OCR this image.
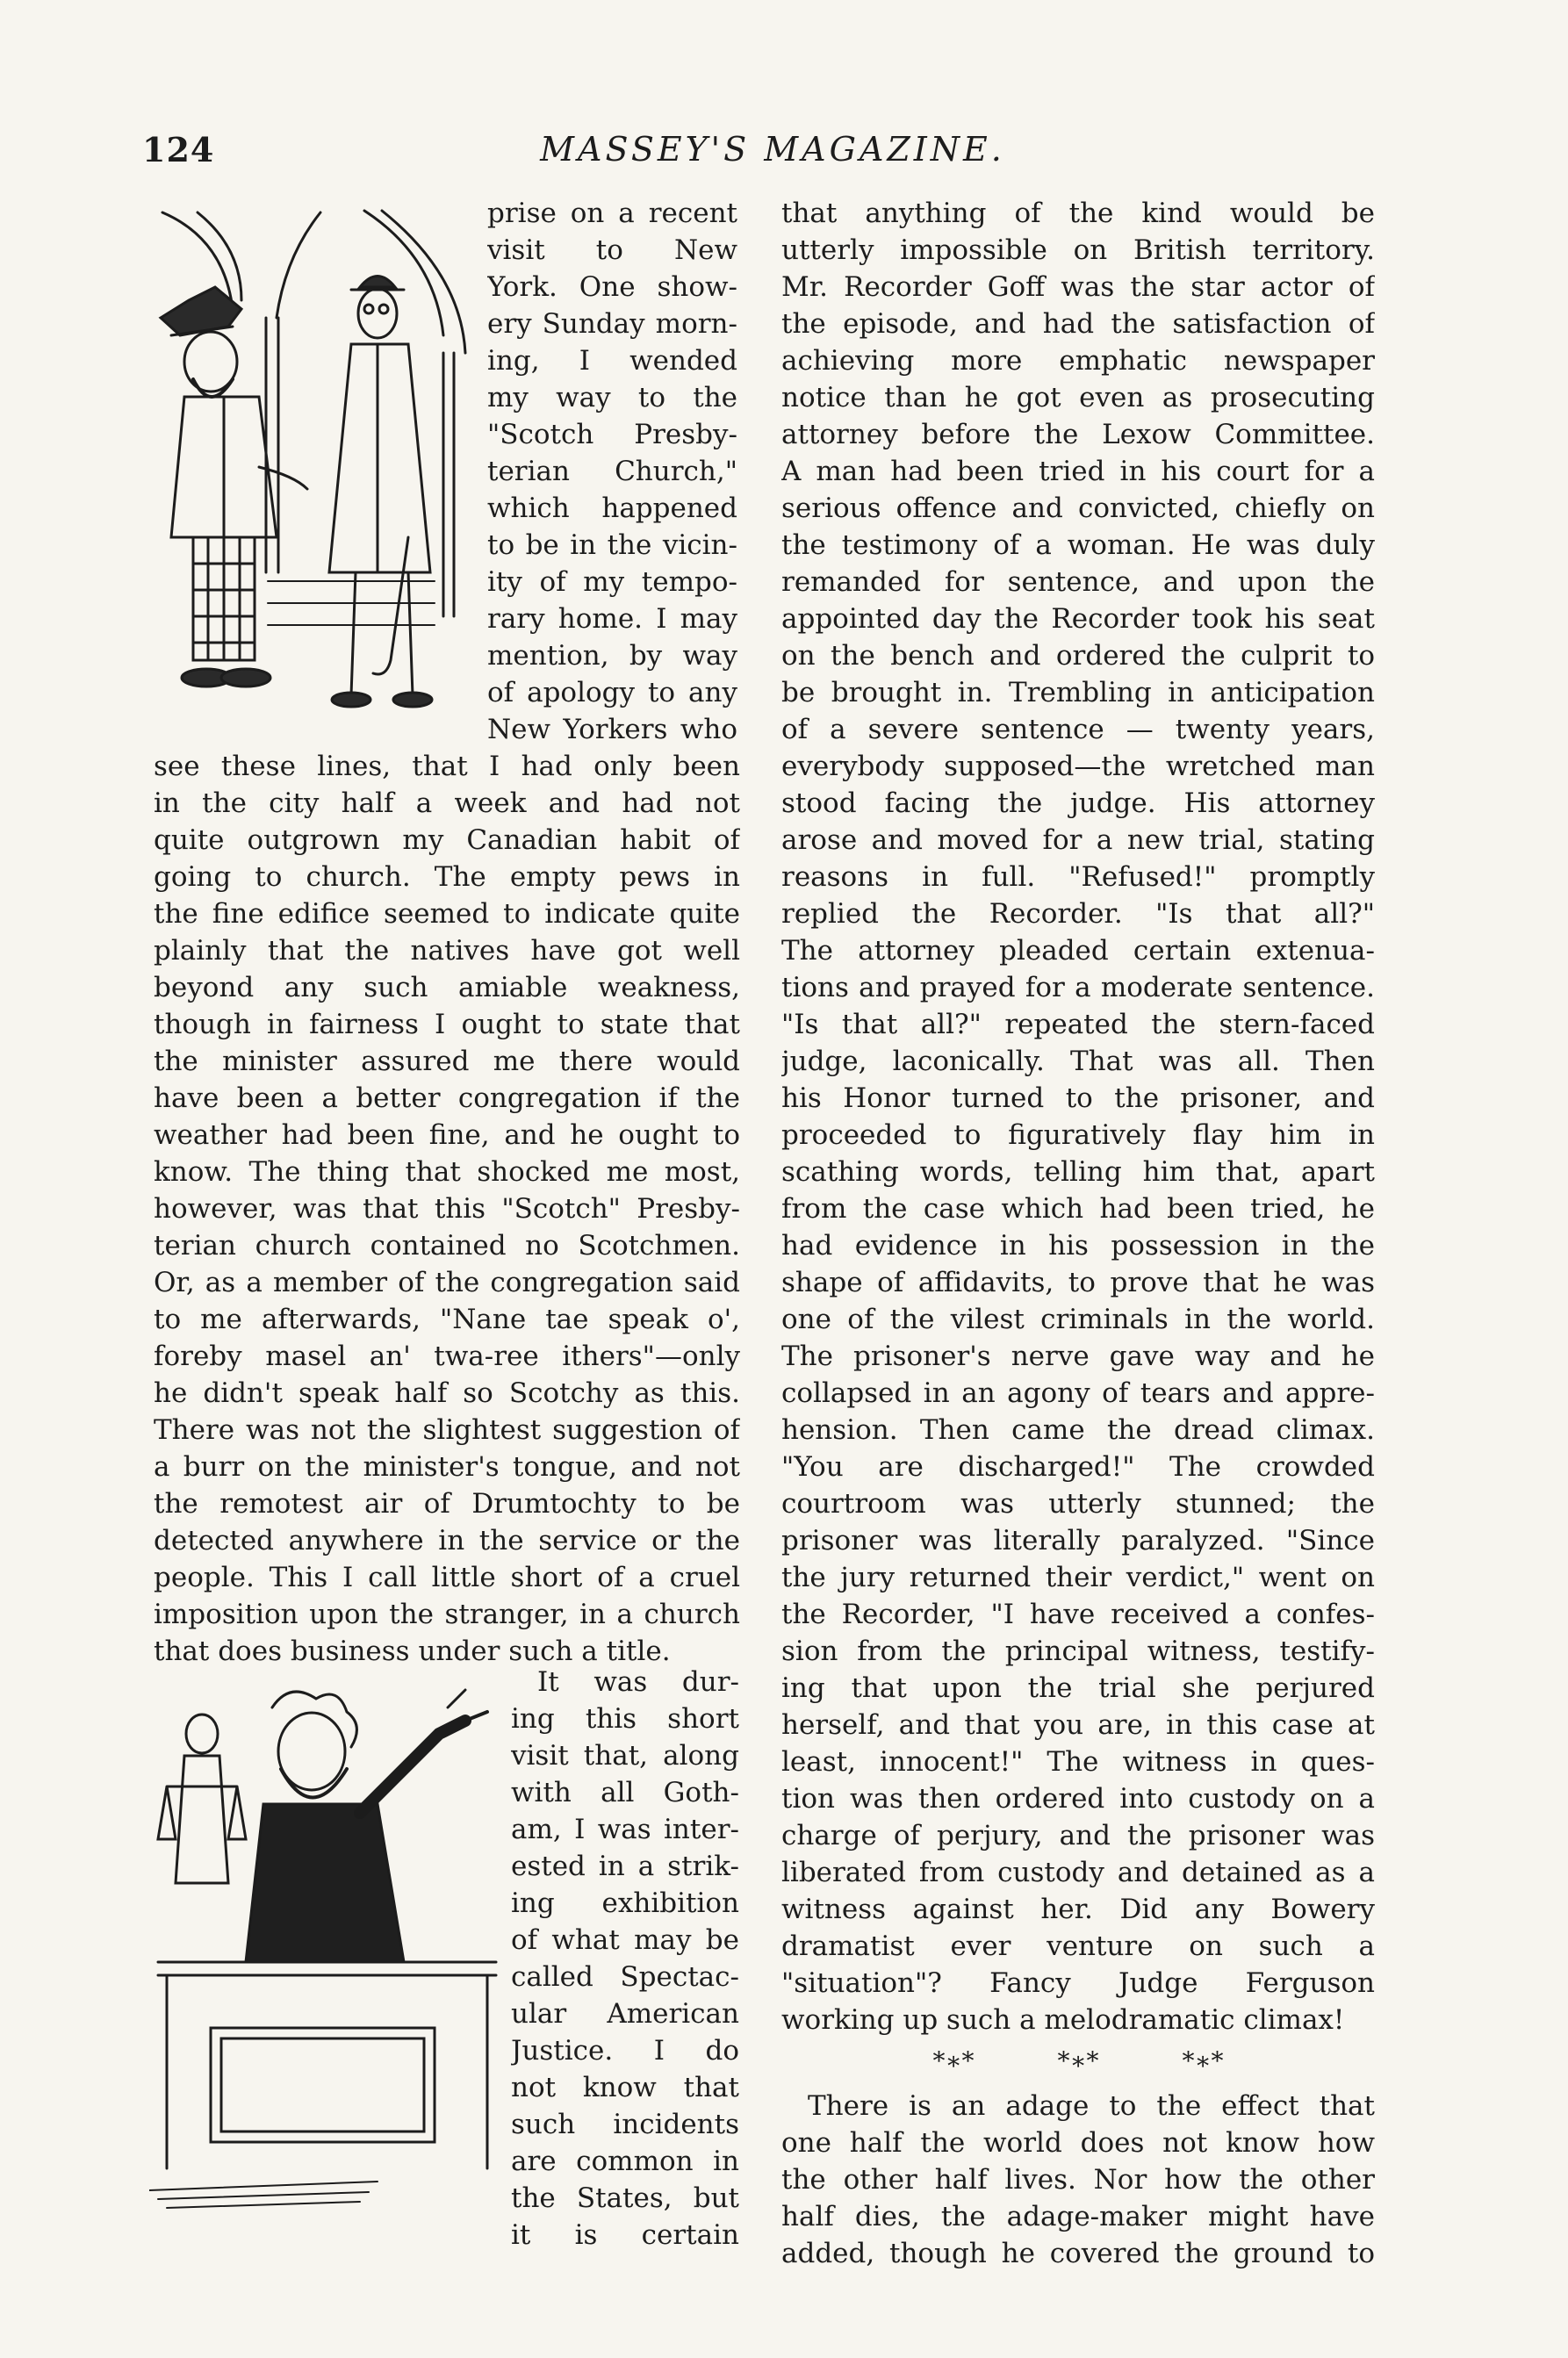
124	MASSEY'S MAGAZINE.
prise on a recent
visit to New
York. One show-
ery Sunday morn-
ing, I wended
my way to the
"Scotch Presby-
terian Church,"
which happened
to be in the vicin-
ity of my tempo-
rary home. I may
mention, by way
of apology to any
New Yorkers who
see these lines, that I had only been
in the city half a week and had not
quite outgrown my Canadian habit of
going to church. The empty pews in
the fine edifice seemed to indicate quite
plainly that the natives have got well
beyond any such amiable weakness,
though in fairness I ought to state that
the minister assured me there would
have been a better congregation if the
weather had been fine, and he ought to
know. The thing that shocked me most,
however, was that this "Scotch" Presby-
terian church contained no Scotchmen.
Or, as a member of the congregation said
to me afterwards, "Nane tae speak o',
foreby masel an' twa-ree ithers"—only
he didn't speak half so Scotchy as this.
There was not the slightest suggestion of
a burr on the minister's tongue, and not
the remotest air of Drumtochty to be
detected anywhere in the service or the
people. This I call little short of a cruel
imposition upon the stranger, in a church
that does business under such a title.
It was dur-
ing this short
visit that, along
with all Goth-
am, I was inter-
ested in a strik-
ing exhibition
of what may be
called Spectac-
ular American
Justice. I do
not know that
such incidents
are common in
the States, but
it is certain
that anything of the kind would be
utterly impossible on British territory.
Mr. Recorder Goff was the star actor of
the episode, and had the satisfaction of
achieving more emphatic newspaper
notice than he got even as prosecuting
attorney before the Lexow Committee.
A man had been tried in his court for a
serious offence and convicted, chiefly on
the testimony of a woman. He was duly
remanded for sentence, and upon the
appointed day the Recorder took his seat
on the bench and ordered the culprit to
be brought in. Trembling in anticipation
of a severe sentence — twenty years,
everybody supposed—the wretched man
stood facing the judge. His attorney
arose and moved for a new trial, stating
reasons in full. "Refused!" promptly
replied the Recorder. "Is that all?"
The attorney pleaded certain extenua-
tions and prayed for a moderate sentence.
"Is that all?" repeated the stern-faced
judge, laconically. That was all. Then
his Honor turned to the prisoner, and
proceeded to figuratively flay him in
scathing words, telling him that, apart
from the case which had been tried, he
had evidence in his possession in the
shape of affidavits, to prove that he was
one of the vilest criminals in the world.
The prisoner's nerve gave way and he
collapsed in an agony of tears and appre-
hension. Then came the dread climax.
"You are discharged!" The crowded
courtroom was utterly stunned; the
prisoner was literally paralyzed. "Since
the jury returned their verdict," went on
the Recorder, "I have received a confes-
sion from the principal witness, testify-
ing that upon the trial she perjured
herself, and that you are, in this case at
least, innocent!" The witness in ques-
tion was then ordered into custody on a
charge of perjury, and the prisoner was
liberated from custody and detained as a
witness against her. Did any Bowery
dramatist ever venture on such a
"situation"? Fancy Judge Ferguson
working up such a melodramatic climax!
*∗*	*∗*	*∗*
There is an adage to the effect that
one half the world does not know how
the other half lives. Nor how the other
half dies, the adage-maker might have
added, though he covered the ground to
